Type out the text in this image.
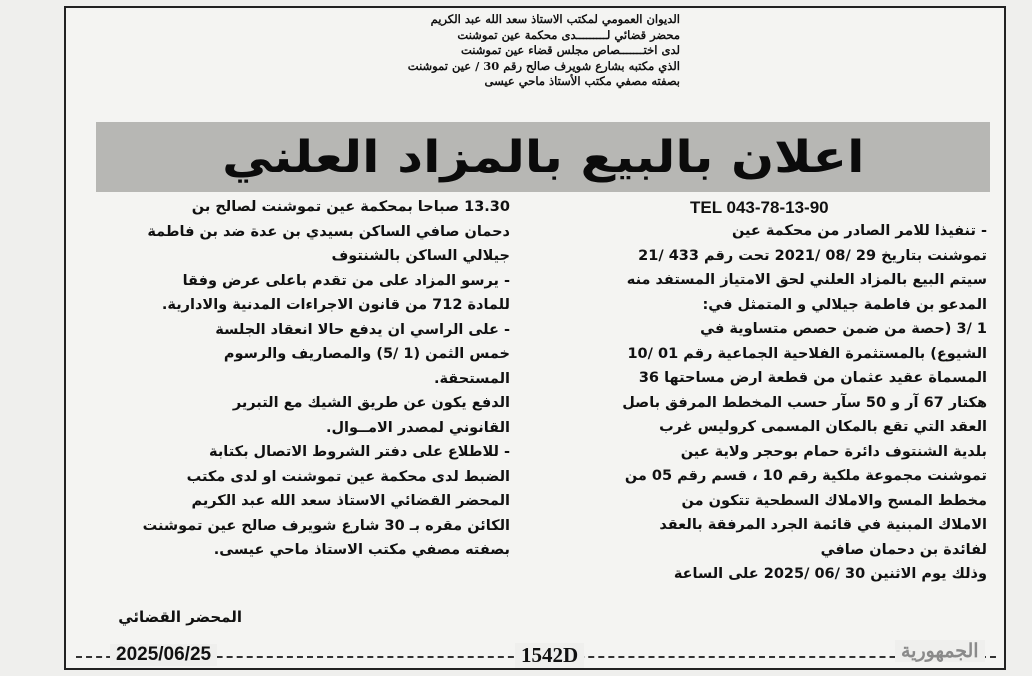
الديوان العمومي لمكتب الاستاذ سعد الله عبد الكريم
محضر قضائي لـــــــــدى محكمة عين تموشنت
لدى اختـــــــصاص مجلس قضاء عين تموشنت
الذي مكتبه بشارع شويرف صالح رقم 30 / عين تموشنت
بصفته مصفي مكتب الأستاذ ماحي عيسى
اعلان بالبيع بالمزاد العلني
TEL 043-78-13-90
- تنفيذا للامر الصادر من محكمة عين
تموشنت بتاريخ 29 /08 /2021 تحت رقم 433 /21
سيتم البيع بالمزاد العلني لحق الامتياز المستفد منه
المدعو بن فاطمة جيلالي و المتمثل في:
1 /3 (حصة من ضمن حصص متساوية في
الشيوع) بالمستثمرة الفلاحية الجماعية رقم 01 /10
المسماة عقيد عثمان من قطعة ارض مساحتها 36
هكتار 67 آر و 50 سآر حسب المخطط المرفق باصل
العقد التي تقع بالمكان المسمى كروليس غرب
بلدية الشنتوف دائرة حمام بوحجر ولاية عين
تموشنت مجموعة ملكية رقم 10 ، قسم رقم 05 من
مخطط المسح والاملاك السطحية تتكون من
الاملاك المبنية في قائمة الجرد المرفقة بالعقد
لفائدة بن دحمان صافي
وذلك يوم الاثنين 30 /06 /2025 على الساعة
13.30 صباحا بمحكمة عين تموشنت لصالح بن
دحمان صافي الساكن بسيدي بن عدة ضد بن فاطمة
جيلالي الساكن بالشنتوف
- يرسو المزاد على من تقدم باعلى عرض وفقا
للمادة 712 من قانون الاجراءات المدنية والادارية.
- على الراسي ان يدفع حالا انعقاد الجلسة
خمس الثمن (1 /5) والمصاريف والرسوم
المستحقة.
الدفع يكون عن طريق الشيك مع التبرير
القانوني لمصدر الامــوال.
- للاطلاع على دفتر الشروط الاتصال بكتابة
الضبط لدى محكمة عين تموشنت او لدى مكتب
المحضر القضائي الاستاذ سعد الله عبد الكريم
الكائن مقره بـ 30 شارع شويرف صالح عين تموشنت
بصفته مصفي مكتب الاستاذ ماحي عيسى.
المحضر القضائي
2025/06/25	1542D	الجمهورية
